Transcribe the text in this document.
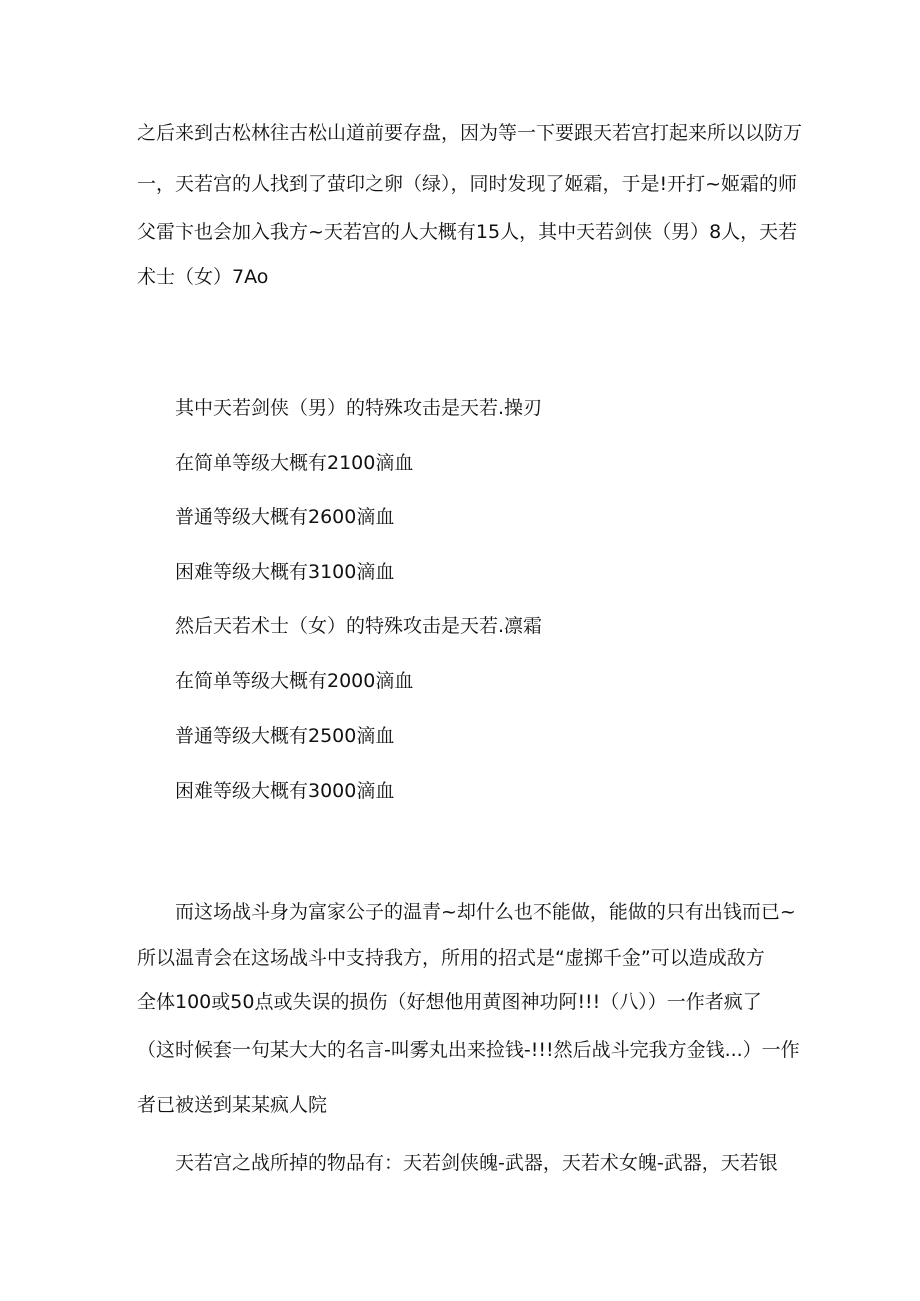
之后来到古松林往古松山道前要存盘，因为等一下要跟天若宫打起来所以以防万
一，天若宫的人找到了萤印之卵（绿），同时发现了姬霜，于是!开打~姬霜的师
父雷卞也会加入我方~天若宫的人大概有15人，其中天若剑侠（男）8人，天若
术士（女）7Ao
其中天若剑侠（男）的特殊攻击是天若.操刃
在简单等级大概有2100滴血
普通等级大概有2600滴血
困难等级大概有3100滴血
然后天若术士（女）的特殊攻击是天若.凛霜
在简单等级大概有2000滴血
普通等级大概有2500滴血
困难等级大概有3000滴血
而这场战斗身为富家公子的温青~却什么也不能做，能做的只有出钱而已~
所以温青会在这场战斗中支持我方，所用的招式是“虚掷千金”可以造成敌方
全体100或50点或失误的损伤（好想他用黄图神功阿!!!（八））一作者疯了
（这时候套一句某大大的名言-叫雾丸出来捡钱-!!!然后战斗完我方金钱...）一作
者已被送到某某疯人院
天若宫之战所掉的物品有：天若剑侠魄-武器，天若术女魄-武器，天若银
